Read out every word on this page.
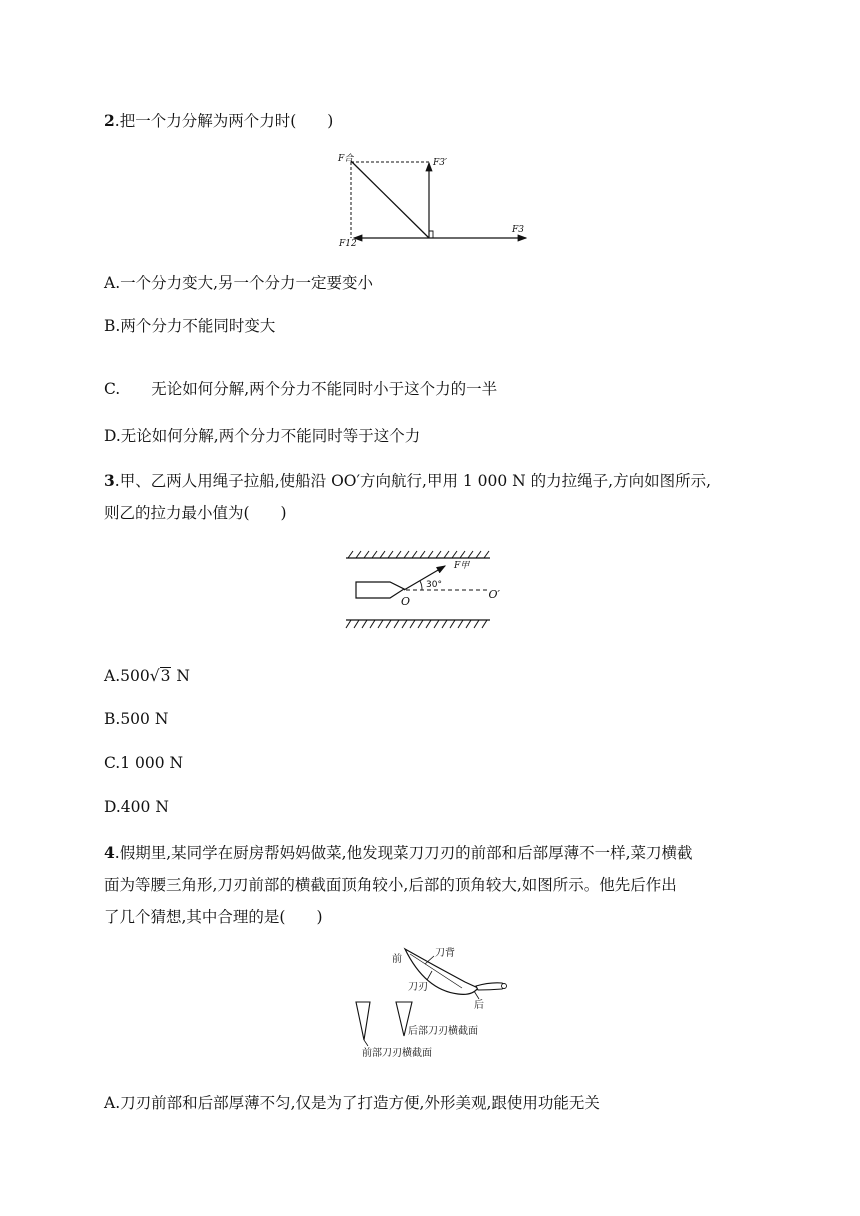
2.把一个力分解为两个力时(　　)
F合	F3′
F12
F3
A.一个分力变大,另一个分力一定要变小
B.两个分力不能同时变大
C.　　无论如何分解,两个分力不能同时小于这个力的一半
D.无论如何分解,两个分力不能同时等于这个力
3.甲、乙两人用绳子拉船,使船沿 OO′方向航行,甲用 1 000 N 的力拉绳子,方向如图所示,
则乙的拉力最小值为(　　)
F甲
30°
O
O′
A.500√3 N
B.500 N
C.1 000 N
D.400 N
4.假期里,某同学在厨房帮妈妈做菜,他发现菜刀刀刃的前部和后部厚薄不一样,菜刀横截
面为等腰三角形,刀刃前部的横截面顶角较小,后部的顶角较大,如图所示。他先后作出
了几个猜想,其中合理的是(　　)
前
刀背
刀刃
后
后部刀刃横截面
前部刀刃横截面
A.刀刃前部和后部厚薄不匀,仅是为了打造方便,外形美观,跟使用功能无关
